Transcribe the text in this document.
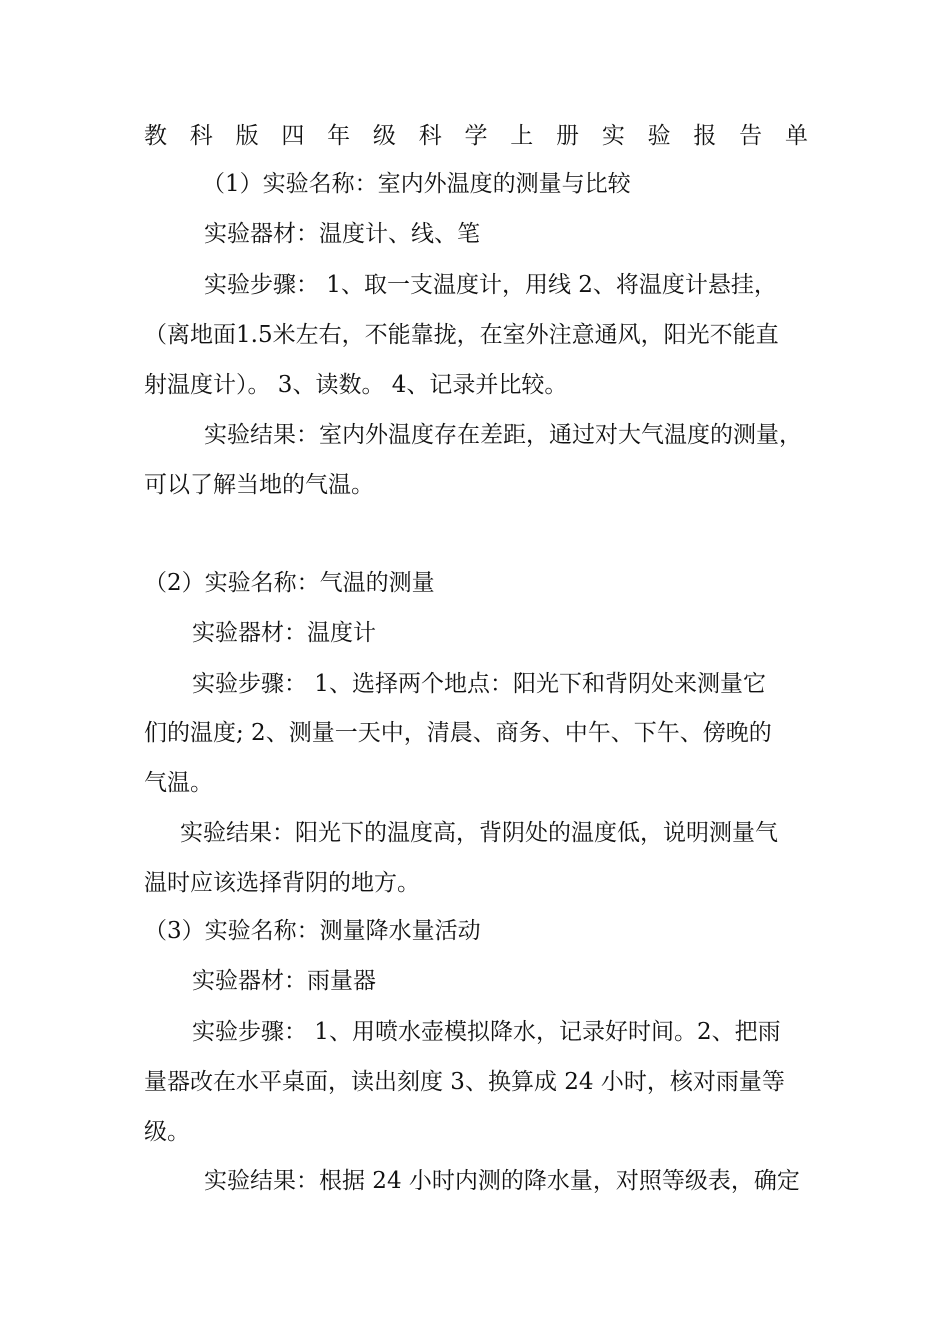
教 科 版 四 年 级 科 学 上 册 实 验 报 告 单

（1）实验名称：室内外温度的测量与比较

实验器材：温度计、线、笔

实验步骤： 1、取一支温度计，用线 2、将温度计悬挂，

（离地面1.5米左右，不能靠拢，在室外注意通风，阳光不能直

射温度计）。 3、读数。 4、记录并比较。

实验结果：室内外温度存在差距，通过对大气温度的测量，

可以了解当地的气温。

（2）实验名称：气温的测量

实验器材：温度计

实验步骤： 1、选择两个地点：阳光下和背阴处来测量它

们的温度; 2、测量一天中，清晨、商务、中午、下午、傍晚的

气温。

实验结果：阳光下的温度高，背阴处的温度低，说明测量气

温时应该选择背阴的地方。

（3）实验名称：测量降水量活动

实验器材：雨量器

实验步骤： 1、用喷水壶模拟降水，记录好时间。2、把雨

量器改在水平桌面，读出刻度 3、换算成 24 小时，核对雨量等

级。

实验结果：根据 24 小时内测的降水量，对照等级表，确定
